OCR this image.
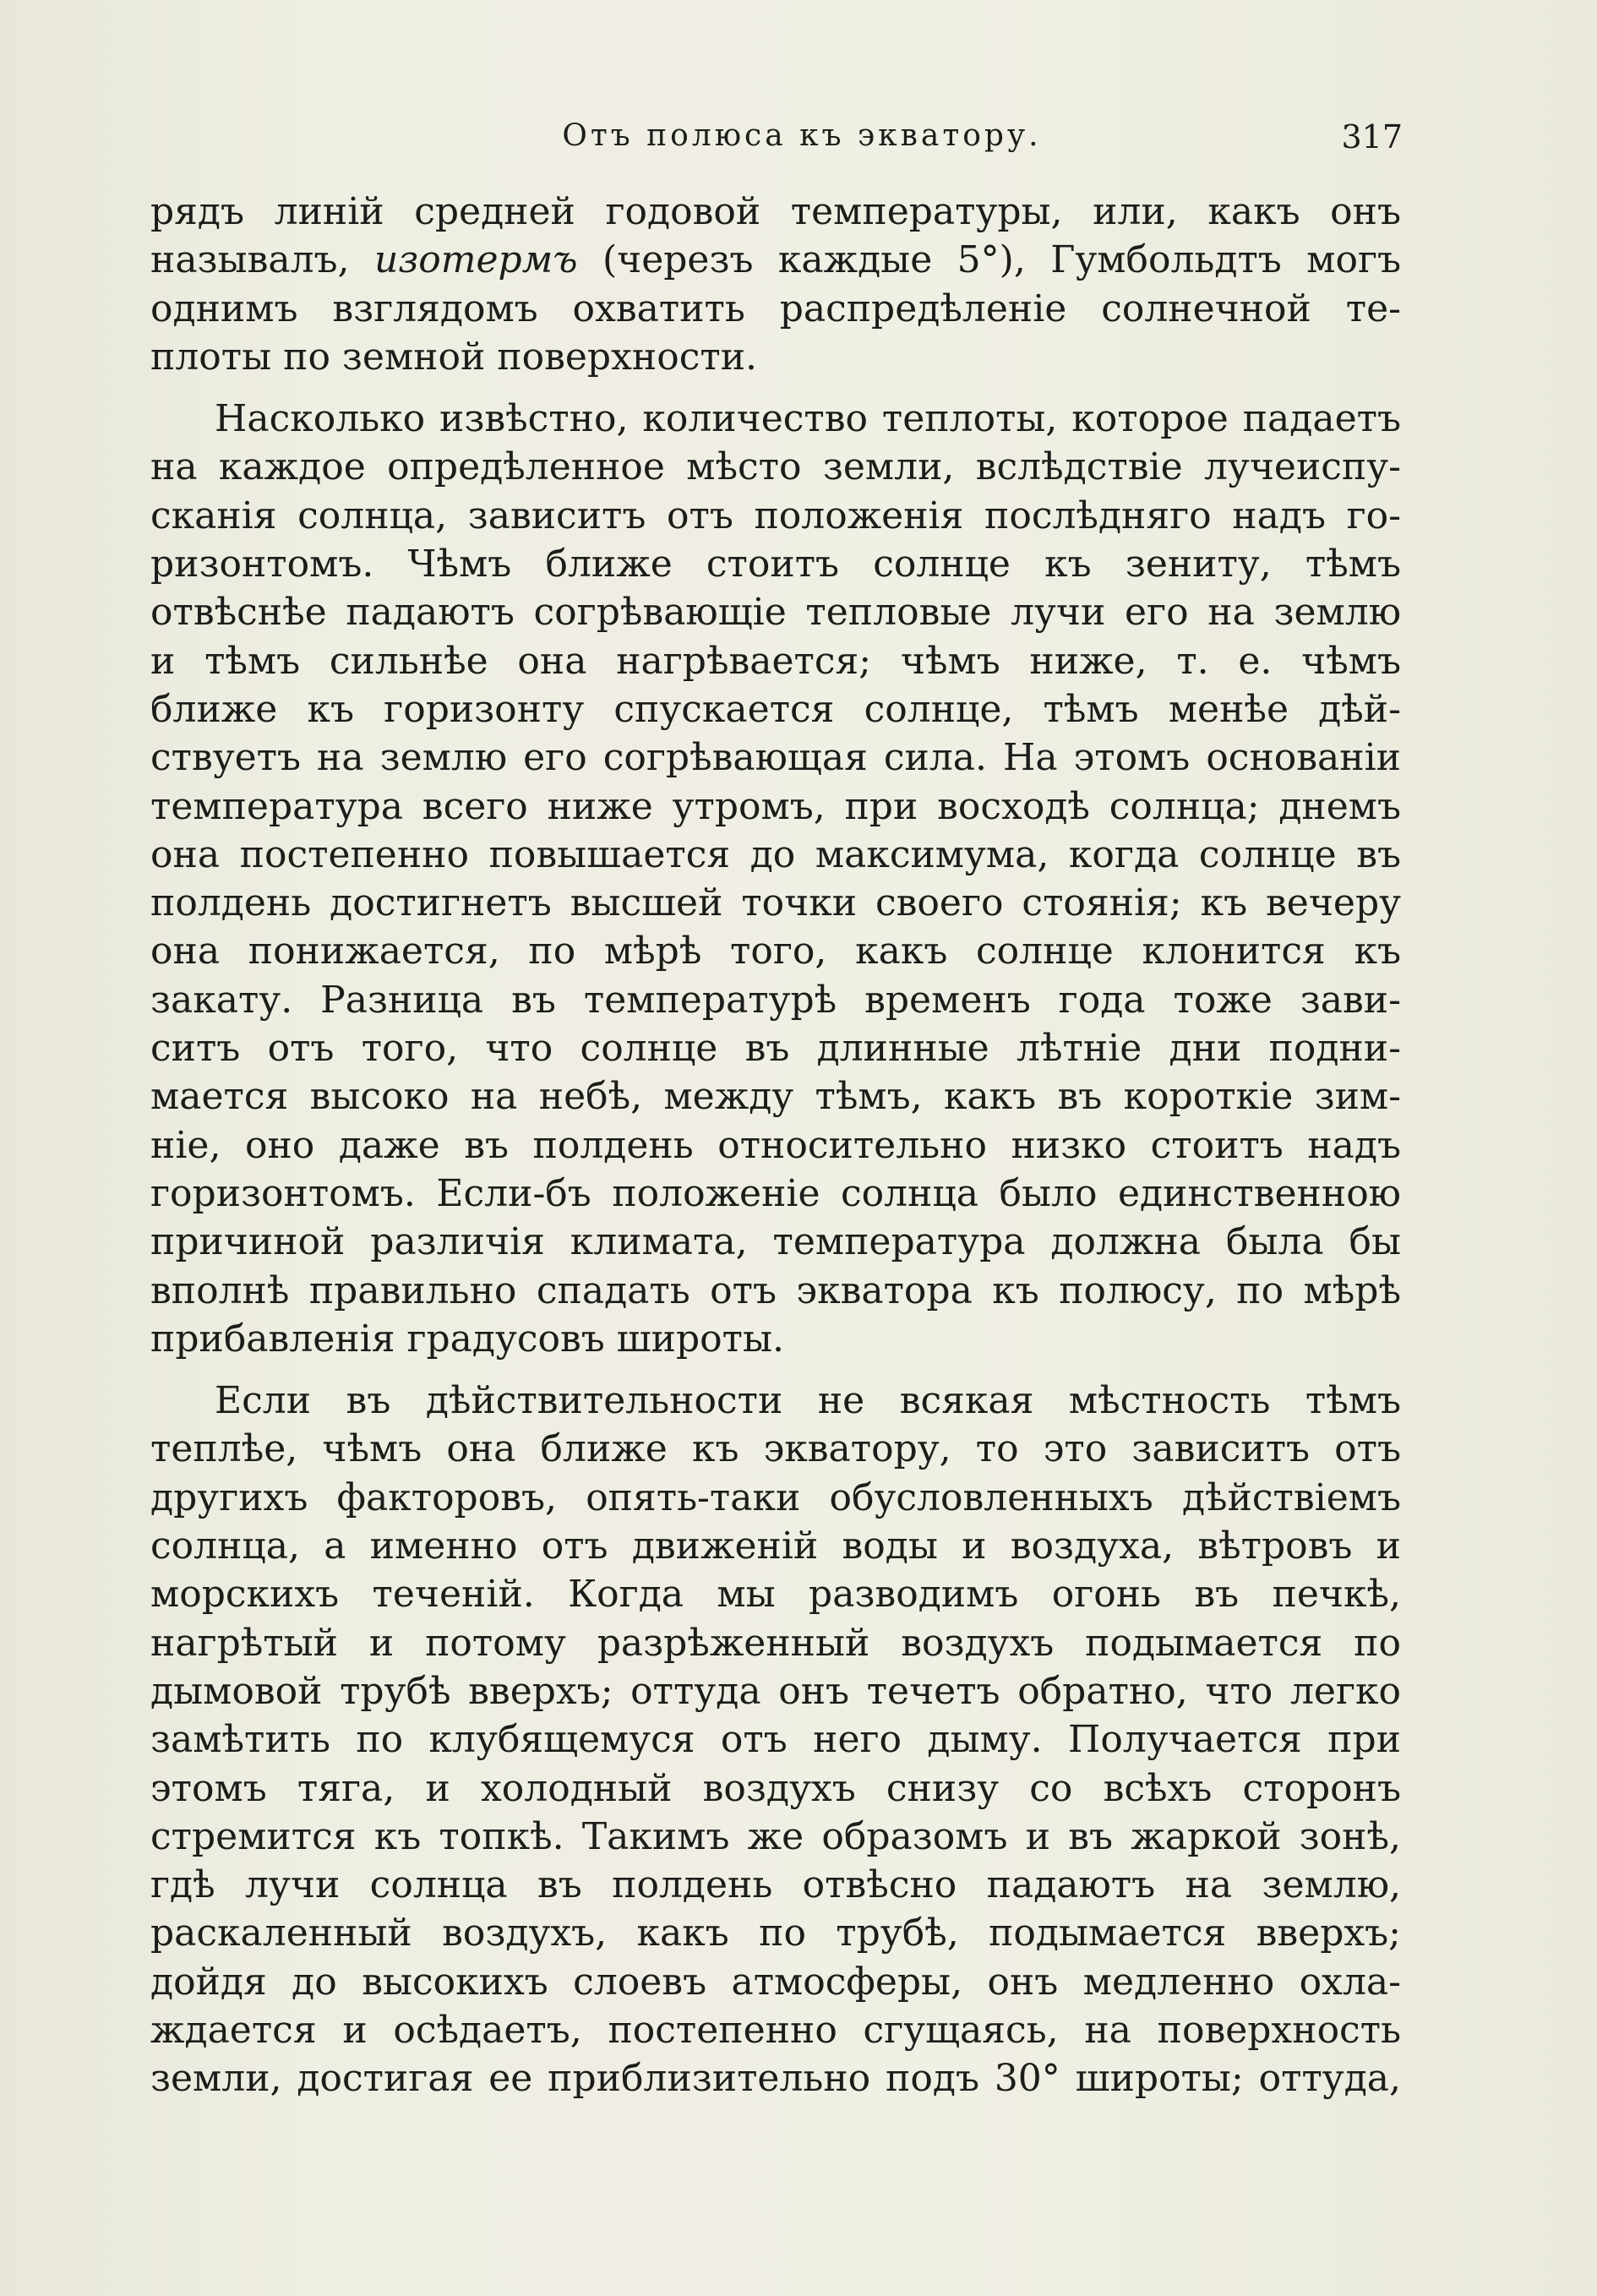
Отъ полюса къ экватору.	317
рядъ линій средней годовой температуры, или, какъ онъ
называлъ, изотермъ (черезъ каждые 5°), Гумбольдтъ могъ
однимъ взглядомъ охватить распредѣленіе солнечной те-
плоты по земной поверхности.
Насколько извѣстно, количество теплоты, которое падаетъ
на каждое опредѣленное мѣсто земли, вслѣдствіе лучеиспу-
сканія солнца, зависитъ отъ положенія послѣдняго надъ го-
ризонтомъ. Чѣмъ ближе стоитъ солнце къ зениту, тѣмъ
отвѣснѣе падаютъ согрѣвающіе тепловые лучи его на землю
и тѣмъ сильнѣе она нагрѣвается; чѣмъ ниже, т. е. чѣмъ
ближе къ горизонту спускается солнце, тѣмъ менѣе дѣй-
ствуетъ на землю его согрѣвающая сила. На этомъ основаніи
температура всего ниже утромъ, при восходѣ солнца; днемъ
она постепенно повышается до максимума, когда солнце въ
полдень достигнетъ высшей точки своего стоянія; къ вечеру
она понижается, по мѣрѣ того, какъ солнце клонится къ
закату. Разница въ температурѣ временъ года тоже зави-
ситъ отъ того, что солнце въ длинные лѣтніе дни подни-
мается высоко на небѣ, между тѣмъ, какъ въ короткіе зим-
ніе, оно даже въ полдень относительно низко стоитъ надъ
горизонтомъ. Если-бъ положеніе солнца было единственною
причиной различія климата, температура должна была бы
вполнѣ правильно спадать отъ экватора къ полюсу, по мѣрѣ
прибавленія градусовъ широты.
Если въ дѣйствительности не всякая мѣстность тѣмъ
теплѣе, чѣмъ она ближе къ экватору, то это зависитъ отъ
другихъ факторовъ, опять-таки обусловленныхъ дѣйствіемъ
солнца, а именно отъ движеній воды и воздуха, вѣтровъ и
морскихъ теченій. Когда мы разводимъ огонь въ печкѣ,
нагрѣтый и потому разрѣженный воздухъ подымается по
дымовой трубѣ вверхъ; оттуда онъ течетъ обратно, что легко
замѣтить по клубящемуся отъ него дыму. Получается при
этомъ тяга, и холодный воздухъ снизу со всѣхъ сторонъ
стремится къ топкѣ. Такимъ же образомъ и въ жаркой зонѣ,
гдѣ лучи солнца въ полдень отвѣсно падаютъ на землю,
раскаленный воздухъ, какъ по трубѣ, подымается вверхъ;
дойдя до высокихъ слоевъ атмосферы, онъ медленно охла-
ждается и осѣдаетъ, постепенно сгущаясь, на поверхность
земли, достигая ее приблизительно подъ 30° широты; оттуда,
